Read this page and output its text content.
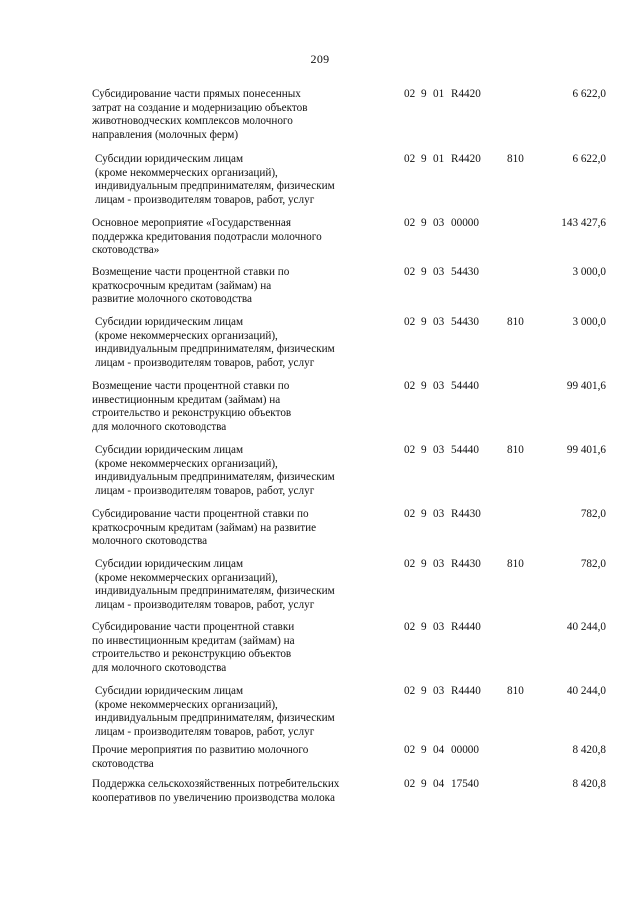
209
Субсидирование части прямых понесенных
затрат на создание и модернизацию объектов
животноводческих комплексов молочного
направления (молочных ферм)
02 9 01 R4420	6 622,0
Субсидии юридическим лицам
(кроме некоммерческих организаций),
индивидуальным предпринимателям, физическим
лицам - производителям товаров, работ, услуг
02 9 01 R4420	810	6 622,0
Основное мероприятие «Государственная
поддержка кредитования подотрасли молочного
скотоводства»
02 9 03 00000	143 427,6
Возмещение части процентной ставки по
краткосрочным кредитам (займам) на
развитие молочного скотоводства
02 9 03 54430	3 000,0
Субсидии юридическим лицам
(кроме некоммерческих организаций),
индивидуальным предпринимателям, физическим
лицам - производителям товаров, работ, услуг
02 9 03 54430	810	3 000,0
Возмещение части процентной ставки по
инвестиционным кредитам (займам) на
строительство и реконструкцию объектов
для молочного скотоводства
02 9 03 54440	99 401,6
Субсидии юридическим лицам
(кроме некоммерческих организаций),
индивидуальным предпринимателям, физическим
лицам - производителям товаров, работ, услуг
02 9 03 54440	810	99 401,6
Субсидирование части процентной ставки по
краткосрочным кредитам (займам) на развитие
молочного скотоводства
02 9 03 R4430	782,0
Субсидии юридическим лицам
(кроме некоммерческих организаций),
индивидуальным предпринимателям, физическим
лицам - производителям товаров, работ, услуг
02 9 03 R4430	810	782,0
Субсидирование части процентной ставки
по инвестиционным кредитам (займам) на
строительство и реконструкцию объектов
для молочного скотоводства
02 9 03 R4440	40 244,0
Субсидии юридическим лицам
(кроме некоммерческих организаций),
индивидуальным предпринимателям, физическим
лицам - производителям товаров, работ, услуг
02 9 03 R4440	810	40 244,0
Прочие мероприятия по развитию молочного
скотоводства
02 9 04 00000	8 420,8
Поддержка сельскохозяйственных потребительских
кооперативов по увеличению производства молока
02 9 04 17540	8 420,8
